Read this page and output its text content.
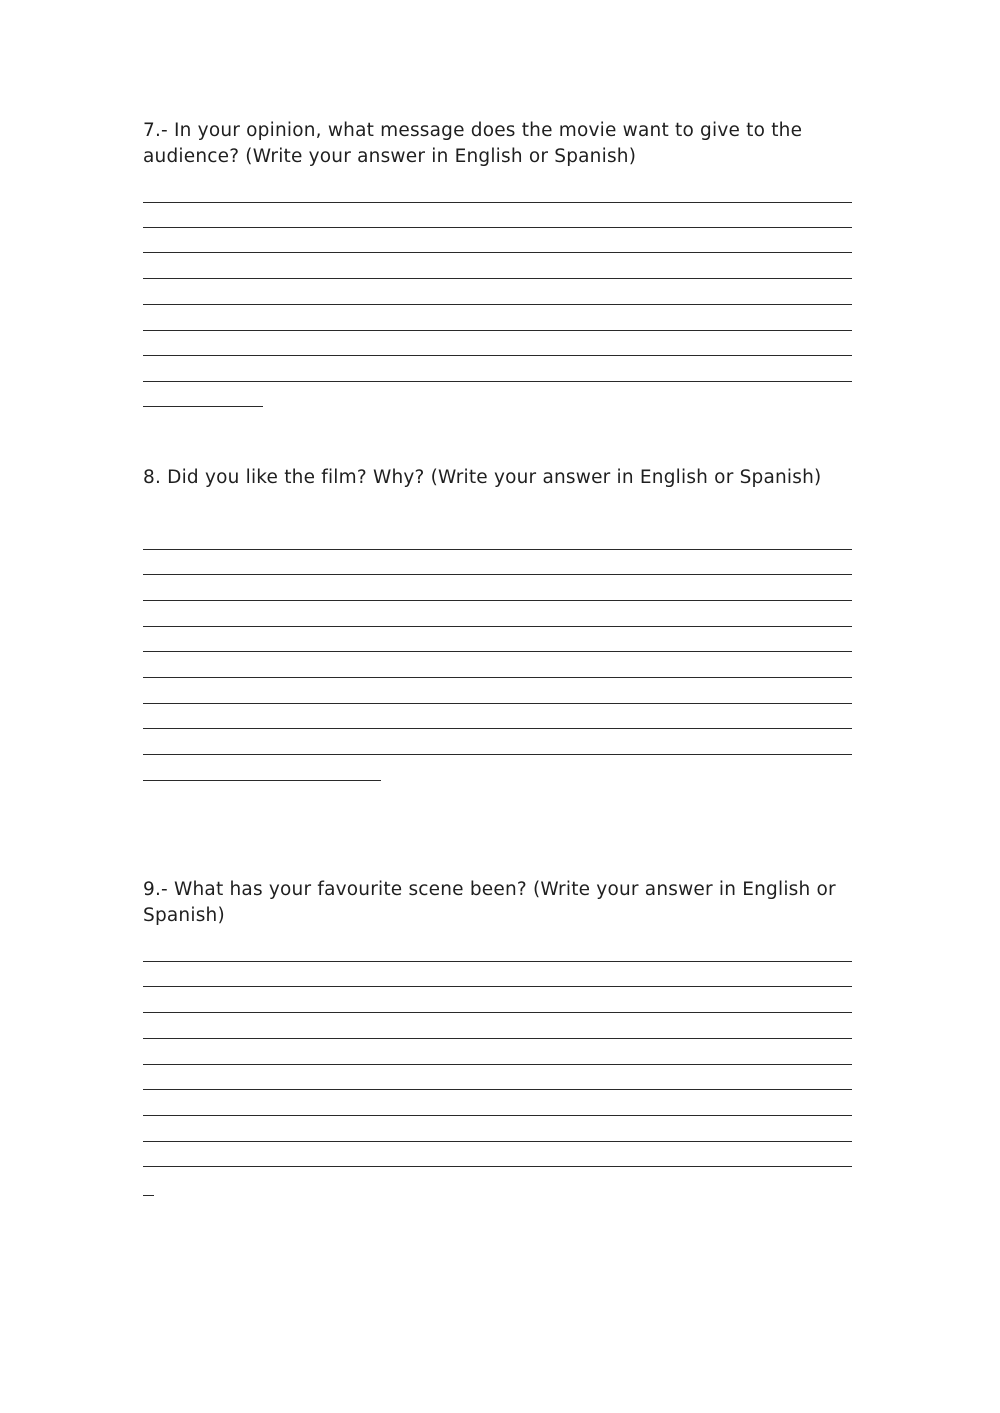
7.- In your opinion, what message does the movie want to give to the audience? (Write your answer in English or Spanish)

8. Did you like the film? Why? (Write your answer in English or Spanish)

9.- What has your favourite scene been? (Write your answer in English or Spanish)
